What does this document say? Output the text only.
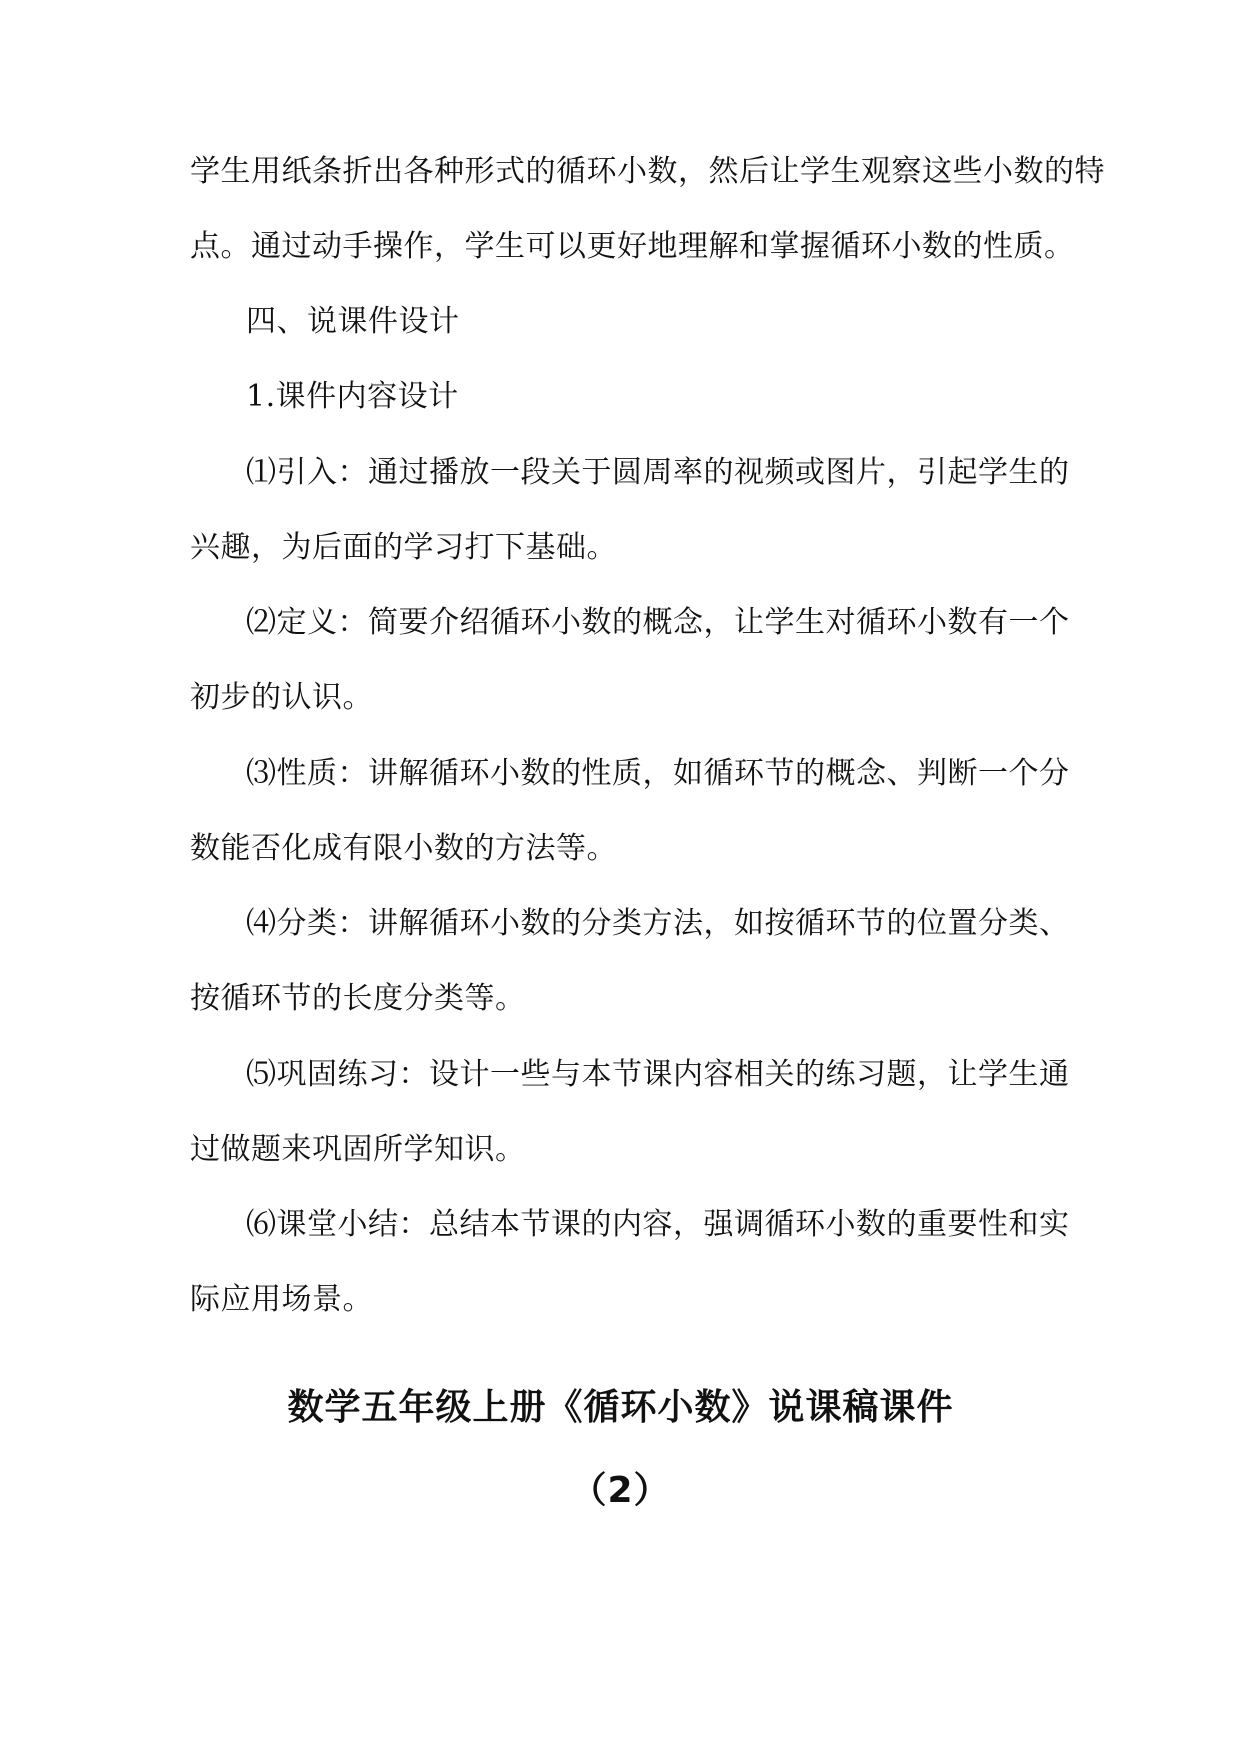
学生用纸条折出各种形式的循环小数，然后让学生观察这些小数的特
点。通过动手操作，学生可以更好地理解和掌握循环小数的性质。
四、说课件设计
1.课件内容设计
⑴引入：通过播放一段关于圆周率的视频或图片，引起学生的
兴趣，为后面的学习打下基础。
⑵定义：简要介绍循环小数的概念，让学生对循环小数有一个
初步的认识。
⑶性质：讲解循环小数的性质，如循环节的概念、判断一个分
数能否化成有限小数的方法等。
⑷分类：讲解循环小数的分类方法，如按循环节的位置分类、
按循环节的长度分类等。
⑸巩固练习：设计一些与本节课内容相关的练习题，让学生通
过做题来巩固所学知识。
⑹课堂小结：总结本节课的内容，强调循环小数的重要性和实
际应用场景。
数学五年级上册《循环小数》说课稿课件
（2）
